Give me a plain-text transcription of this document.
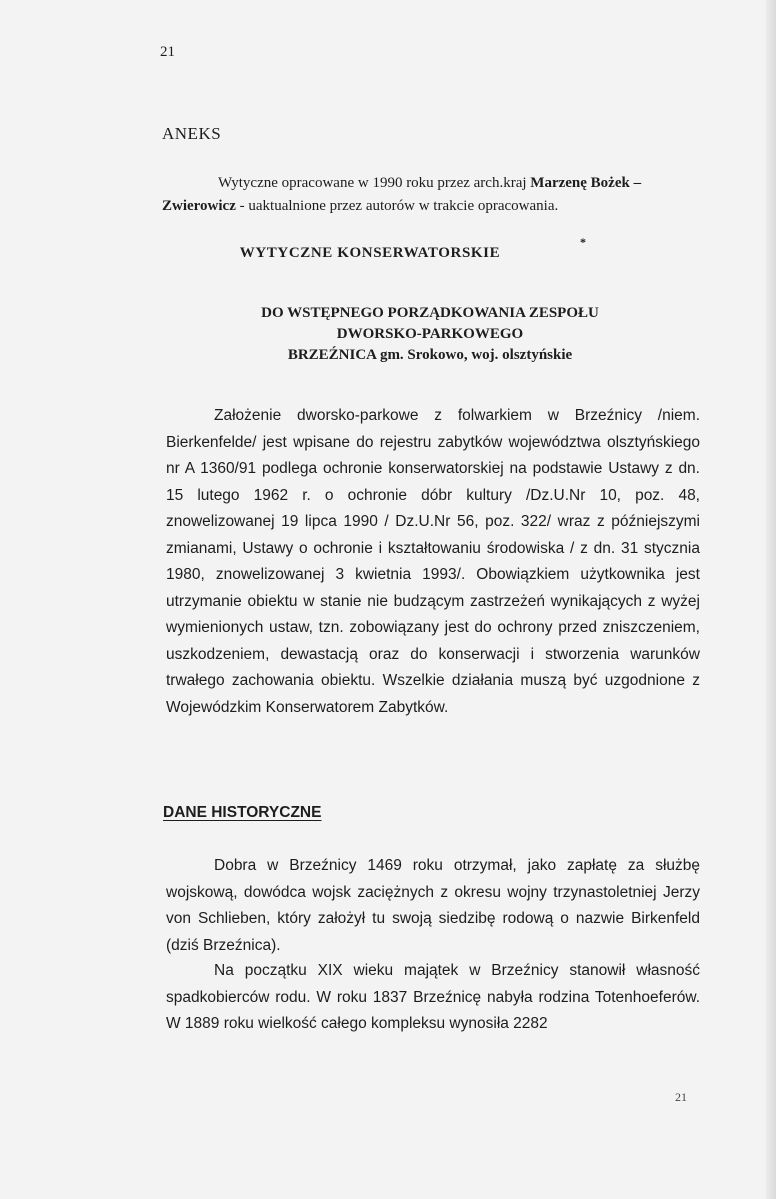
21

ANEKS

Wytyczne opracowane w 1990 roku przez arch.kraj Marzenę Bożek –Zwierowicz - uaktualnione przez autorów w trakcie opracowania.

WYTYCZNE KONSERWATORSKIE

*
DO WSTĘPNEGO PORZĄDKOWANIA ZESPOŁU DWORSKO-PARKOWEGO
BRZEŹNICA gm. Srokowo, woj. olsztyńskie

Założenie dworsko-parkowe z folwarkiem w Brzeźnicy /niem. Bierkenfelde/ jest wpisane do rejestru zabytków województwa olsztyńskiego nr A 1360/91 podlega ochronie konserwatorskiej na podstawie Ustawy z dn. 15 lutego 1962 r. o ochronie dóbr kultury /Dz.U.Nr 10, poz. 48, znowelizowanej 19 lipca 1990 / Dz.U.Nr 56, poz. 322/ wraz z późniejszymi zmianami, Ustawy o ochronie i kształtowaniu środowiska / z dn. 31 stycznia 1980, znowelizowanej 3 kwietnia 1993/. Obowiązkiem użytkownika jest utrzymanie obiektu w stanie nie budzącym zastrzeżeń wynikających z wyżej wymienionych ustaw, tzn. zobowiązany jest do ochrony przed zniszczeniem, uszkodzeniem, dewastacją oraz do konserwacji i stworzenia warunków trwałego zachowania obiektu. Wszelkie działania muszą być uzgodnione z Wojewódzkim Konserwatorem Zabytków.

DANE HISTORYCZNE

Dobra w Brzeźnicy 1469 roku otrzymał, jako zapłatę za służbę wojskową, dowódca wojsk zaciężnych z okresu wojny trzynastoletniej Jerzy von Schlieben, który założył tu swoją siedzibę rodową o nazwie Birkenfeld (dziś Brzeźnica).

Na początku XIX wieku majątek w Brzeźnicy stanowił własność spadkobierców rodu. W roku 1837 Brzeźnicę nabyła rodzina Totenhoeferów. W 1889 roku wielkość całego kompleksu wynosiła 2282

21
